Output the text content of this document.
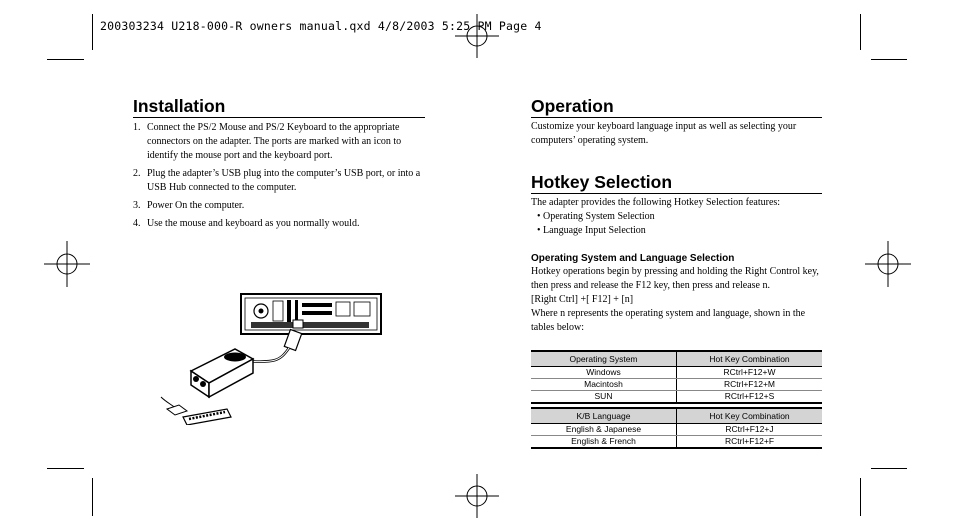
200303234 U218-000-R owners manual.qxd 4/8/2003 5:25 PM Page 4
Installation
1. Connect the PS/2 Mouse and PS/2 Keyboard to the appropriate connectors on the adapter. The ports are marked with an icon to identify the mouse port and the keyboard port.
2. Plug the adapter’s USB plug into the computer’s USB port, or into a USB Hub connected to the computer.
3. Power On the computer.
4. Use the mouse and keyboard as you normally would.
Operation
Customize your keyboard language input as well as selecting your computers’ operating system.
Hotkey Selection
The adapter provides the following Hotkey Selection features:
• Operating System Selection
• Language Input Selection
Operating System and Language Selection
Hotkey operations begin by pressing and holding the Right Control key, then press and release the F12 key, then press and release n.
[Right Ctrl] +[ F12] + [n]
Where n represents the operating system and language, shown in the tables below:
Operating System	Hot Key Combination
Windows	RCtrl+F12+W
Macintosh	RCtrl+F12+M
SUN	RCtrl+F12+S
K/B Language	Hot Key Combination
English & Japanese	RCtrl+F12+J
English & French	RCtrl+F12+F
